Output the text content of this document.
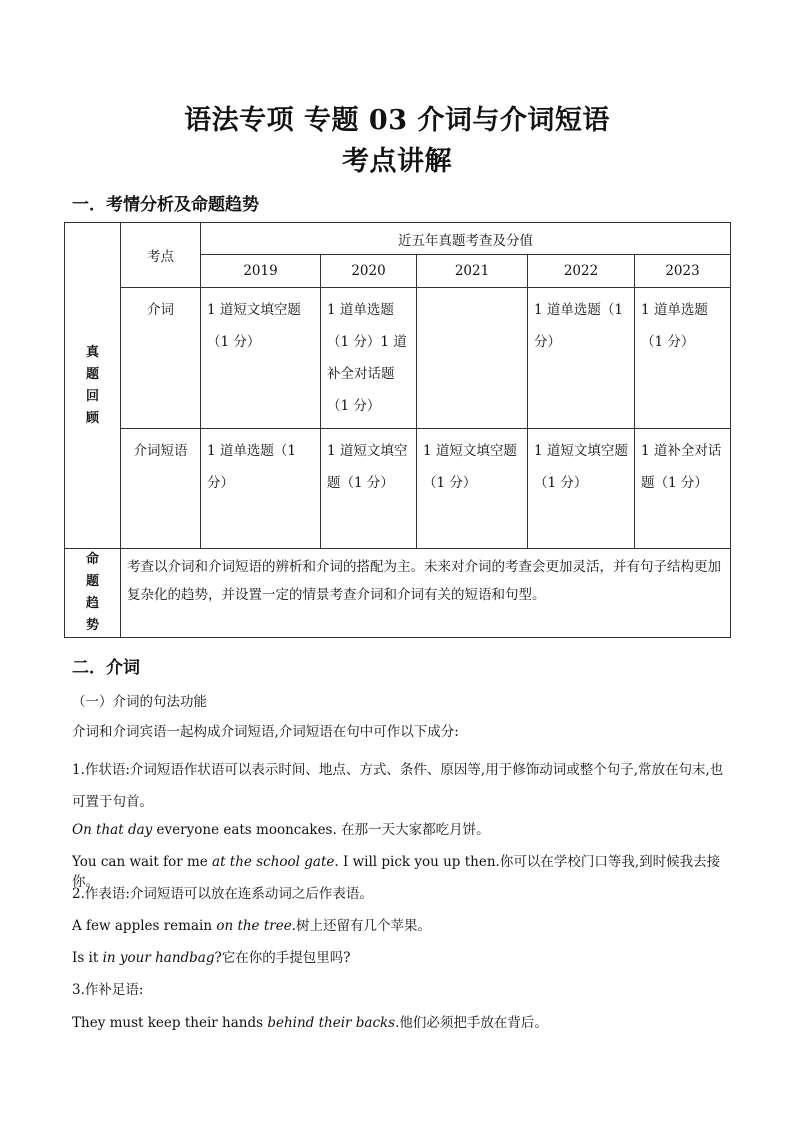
语法专项 专题 03 介词与介词短语
考点讲解
一．考情分析及命题趋势
真 题
回 顾	考点	近五年真题考查及分值				
		2019	2020	2021	2022	2023

	介词	1 道短文填空题（1 分）	1 道单选题（1 分）1 道补全对话题（1 分）		1 道单选题（1 分）	1 道单选题（1 分）

	介词短语	1 道单选题（1 分）	1 道短文填空题（1 分）	1 道短文填空题（1 分）	1 道短文填空题（1 分）	1 道补全对话题（1 分）

命 题
趋 势	考查以介词和介词短语的辨析和介词的搭配为主。未来对介词的考查会更加灵活，并有句子结构更加复杂化的趋势，并设置一定的情景考查介词和介词有关的短语和句型。					
二．介词
（一）介词的句法功能
介词和介词宾语一起构成介词短语,介词短语在句中可作以下成分:
1.作状语:介词短语作状语可以表示时间、地点、方式、条件、原因等,用于修饰动词或整个句子,常放在句末,也可置于句首。
On that day everyone eats mooncakes. 在那一天大家都吃月饼。
You can wait for me at the school gate. I will pick you up then.你可以在学校门口等我,到时候我去接你。
2.作表语:介词短语可以放在连系动词之后作表语。
A few apples remain on the tree.树上还留有几个苹果。
Is it in your handbag?它在你的手提包里吗?
3.作补足语:
They must keep their hands behind their backs.他们必须把手放在背后。
